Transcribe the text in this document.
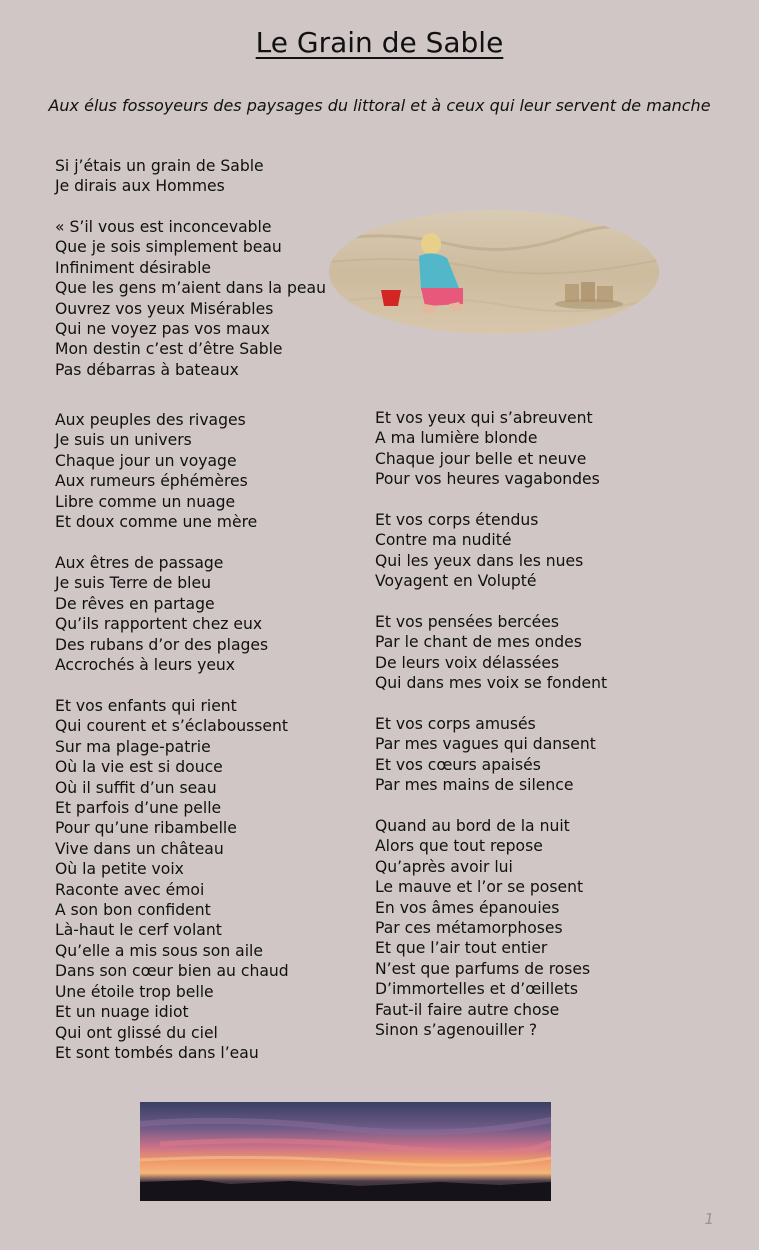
Le Grain de Sable
Aux élus fossoyeurs des paysages du littoral et à ceux qui leur servent de manche
Si j’étais un grain de Sable
Je dirais aux Hommes
« S’il vous est inconcevable
Que je sois simplement beau
Infiniment désirable
Que les gens m’aient dans la peau
Ouvrez vos yeux Misérables
Qui ne voyez pas vos maux
Mon destin c’est d’être Sable
Pas débarras à bateaux
Aux peuples des rivages
Je suis un univers
Chaque jour un voyage
Aux rumeurs éphémères
Libre comme un nuage
Et doux comme une mère
Aux êtres de passage
Je suis Terre de bleu
De rêves en partage
Qu’ils rapportent chez eux
Des rubans d’or des plages
Accrochés à leurs yeux
Et vos enfants qui rient
Qui courent et s’éclaboussent
Sur ma plage-patrie
Où la vie est si douce
Où il suffit d’un seau
Et parfois d’une pelle
Pour qu’une ribambelle
Vive dans un château
Où la petite voix
Raconte avec émoi
A son bon confident
Là-haut le cerf volant
Qu’elle a mis sous son aile
Dans son cœur bien au chaud
Une étoile trop belle
Et un nuage idiot
Qui ont glissé du ciel
Et sont tombés dans l’eau
Et vos yeux qui s’abreuvent
A ma lumière blonde
Chaque jour belle et neuve
Pour vos heures vagabondes
Et vos corps étendus
Contre ma nudité
Qui les yeux dans les nues
Voyagent en Volupté
Et vos pensées bercées
Par le chant de mes ondes
De leurs voix délassées
Qui dans mes voix se fondent
Et vos corps amusés
Par mes vagues qui dansent
Et vos cœurs apaisés
Par mes mains de silence
Quand au bord de la nuit
Alors que tout repose
Qu’après avoir lui
Le mauve et l’or se posent
En vos âmes épanouies
Par ces métamorphoses
Et que l’air tout entier
N’est que parfums de roses
D’immortelles et d’œillets
Faut-il faire autre chose
Sinon s’agenouiller ?
1
